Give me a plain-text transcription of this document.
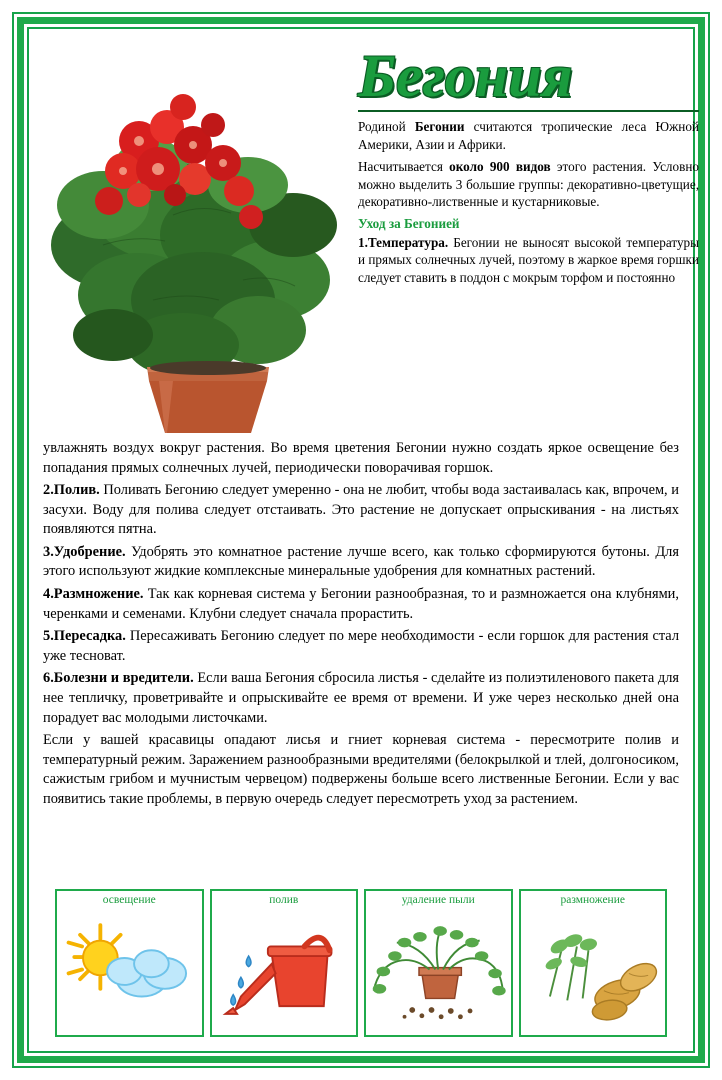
Бегония

Родиной Бегонии считаются тропические леса Южной Америки, Азии и Африки.

Насчитывается около 900 видов этого растения. Условно можно выделить 3 большие группы: декоративно-цветущие, декоративно-лиственные и кустарниковые.

Уход за Бегонией

1.Температура. Бегонии не выносят высокой температуры и прямых солнечных лучей, поэтому в жаркое время горшки следует ставить в поддон с мокрым торфом и постоянно

увлажнять воздух вокруг растения. Во время цветения Бегонии нужно создать яркое освещение без попадания прямых солнечных лучей, периодически поворачивая горшок.

2.Полив. Поливать Бегонию следует умеренно - она не любит, чтобы вода застаивалась как, впрочем, и засухи. Воду для полива следует отстаивать. Это растение не допускает опрыскивания - на листьях появляются пятна.

3.Удобрение. Удобрять это комнатное растение лучше всего, как только сформируются бутоны. Для этого используют жидкие комплексные минеральные удобрения для комнатных растений.

4.Размножение. Так как корневая система у Бегонии разнообразная, то и размножается она клубнями, черенками и семенами. Клубни следует сначала прорастить.

5.Пересадка. Пересаживать Бегонию следует по мере необходимости - если горшок для растения стал уже тесноват.

6.Болезни и вредители. Если ваша Бегония сбросила листья - сделайте из полиэтиленового пакета для нее тепличку, проветривайте и опрыскивайте ее время от времени. И уже через несколько дней она порадует вас молодыми листочками.

Если у вашей красавицы опадают лисья и гниет корневая система - пересмотрите полив и температурный режим. Заражением разнообразными вредителями (белокрылкой и тлей, долгоносиком, сажистым грибом и мучнистым червецом) подвержены больше всего лиственные Бегонии. Если у вас появитись такие проблемы, в первую очередь следует пересмотреть уход за растением.

освещение	полив	удаление пыли	размножение
